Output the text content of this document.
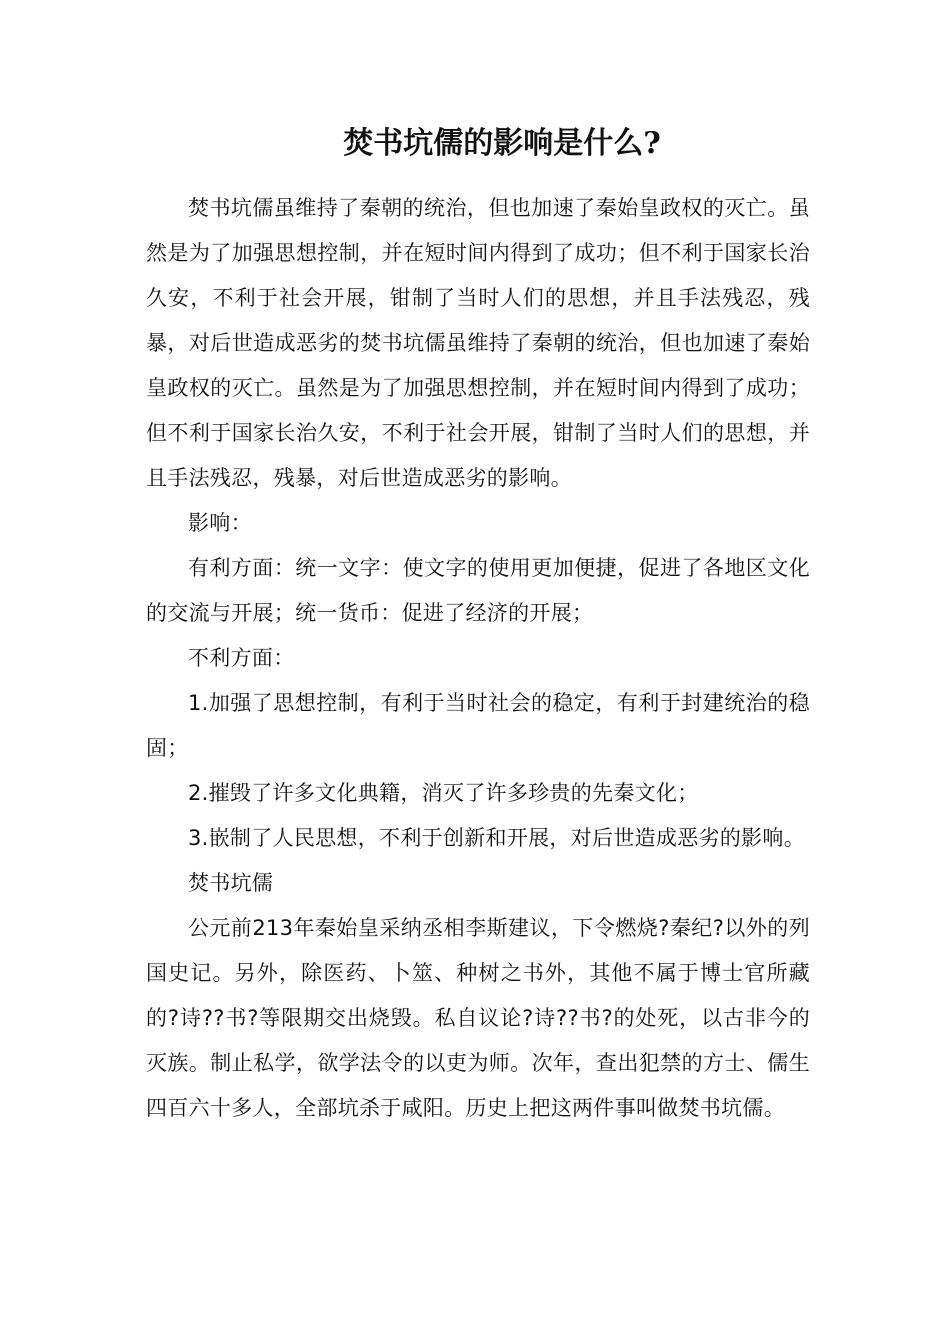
焚书坑儒的影响是什么?

焚书坑儒虽维持了秦朝的统治，但也加速了秦始皇政权的灭亡。虽然是为了加强思想控制，并在短时间内得到了成功；但不利于国家长治久安，不利于社会开展，钳制了当时人们的思想，并且手法残忍，残暴，对后世造成恶劣的焚书坑儒虽维持了秦朝的统治，但也加速了秦始皇政权的灭亡。虽然是为了加强思想控制，并在短时间内得到了成功；但不利于国家长治久安，不利于社会开展，钳制了当时人们的思想，并且手法残忍，残暴，对后世造成恶劣的影响。

影响：

有利方面：统一文字：使文字的使用更加便捷，促进了各地区文化的交流与开展；统一货币：促进了经济的开展；

不利方面：

1.加强了思想控制，有利于当时社会的稳定，有利于封建统治的稳固；

2.摧毁了许多文化典籍，消灭了许多珍贵的先秦文化；

3.嵌制了人民思想，不利于创新和开展，对后世造成恶劣的影响。

焚书坑儒

公元前213年秦始皇采纳丞相李斯建议，下令燃烧?秦纪?以外的列国史记。另外，除医药、卜筮、种树之书外，其他不属于博士官所藏的?诗??书?等限期交出烧毁。私自议论?诗??书?的处死，以古非今的灭族。制止私学，欲学法令的以吏为师。次年，查出犯禁的方士、儒生四百六十多人，全部坑杀于咸阳。历史上把这两件事叫做焚书坑儒。
